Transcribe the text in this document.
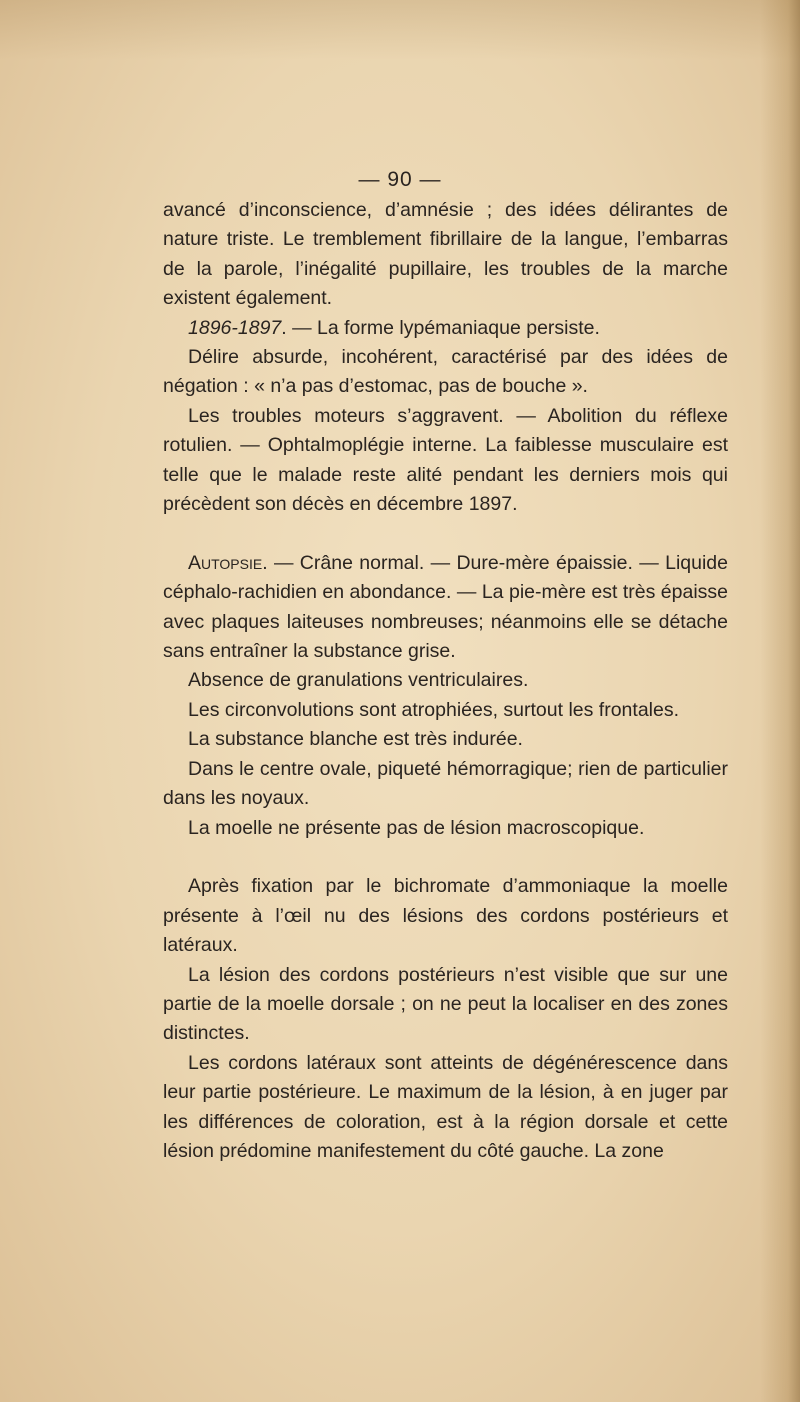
— 90 —

avancé d’inconscience, d’amnésie ; des idées délirantes de nature triste. Le tremblement fibrillaire de la langue, l’embarras de la parole, l’inégalité pupillaire, les troubles de la marche existent également.

1896-1897. — La forme lypémaniaque persiste.

Délire absurde, incohérent, caractérisé par des idées de négation : « n’a pas d’estomac, pas de bouche ».

Les troubles moteurs s’aggravent. — Abolition du réflexe rotulien. — Ophtalmoplégie interne. La faiblesse musculaire est telle que le malade reste alité pendant les derniers mois qui précèdent son décès en décembre 1897.

Autopsie. — Crâne normal. — Dure-mère épaissie. — Liquide céphalo-rachidien en abondance. — La pie-mère est très épaisse avec plaques laiteuses nombreuses; néanmoins elle se détache sans entraîner la substance grise.

Absence de granulations ventriculaires.

Les circonvolutions sont atrophiées, surtout les frontales.

La substance blanche est très indurée.

Dans le centre ovale, piqueté hémorragique; rien de particulier dans les noyaux.

La moelle ne présente pas de lésion macroscopique.

Après fixation par le bichromate d’ammoniaque la moelle présente à l’œil nu des lésions des cordons postérieurs et latéraux.

La lésion des cordons postérieurs n’est visible que sur une partie de la moelle dorsale ; on ne peut la localiser en des zones distinctes.

Les cordons latéraux sont atteints de dégénérescence dans leur partie postérieure. Le maximum de la lésion, à en juger par les différences de coloration, est à la région dorsale et cette lésion prédomine manifestement du côté gauche. La zone
